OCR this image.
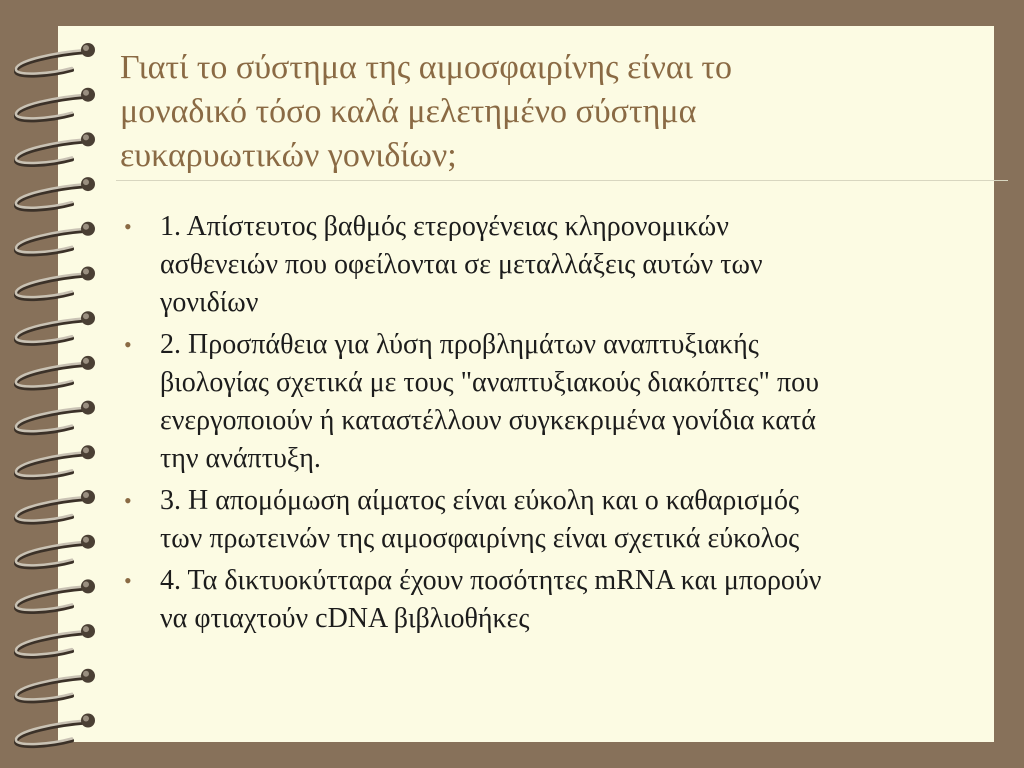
Γιατί το σύστημα της αιμοσφαιρίνης είναι το
μοναδικό τόσο καλά μελετημένο σύστημα
ευκαρυωτικών γονιδίων;
• 1. Απίστευτος βαθμός ετερογένειας κληρονομικών
ασθενειών που οφείλονται σε μεταλλάξεις αυτών των
γονιδίων
• 2. Προσπάθεια για λύση προβλημάτων αναπτυξιακής
βιολογίας σχετικά με τους "αναπτυξιακούς διακόπτες" που
ενεργοποιούν ή καταστέλλουν συγκεκριμένα γονίδια κατά
την ανάπτυξη.
• 3. Η απομόμωση αίματος είναι εύκολη και ο καθαρισμός
των πρωτεινών της αιμοσφαιρίνης είναι σχετικά εύκολος
• 4. Τα δικτυοκύτταρα έχουν ποσότητες mRNA και μπορούν
να φτιαχτούν cDNA βιβλιοθήκες
